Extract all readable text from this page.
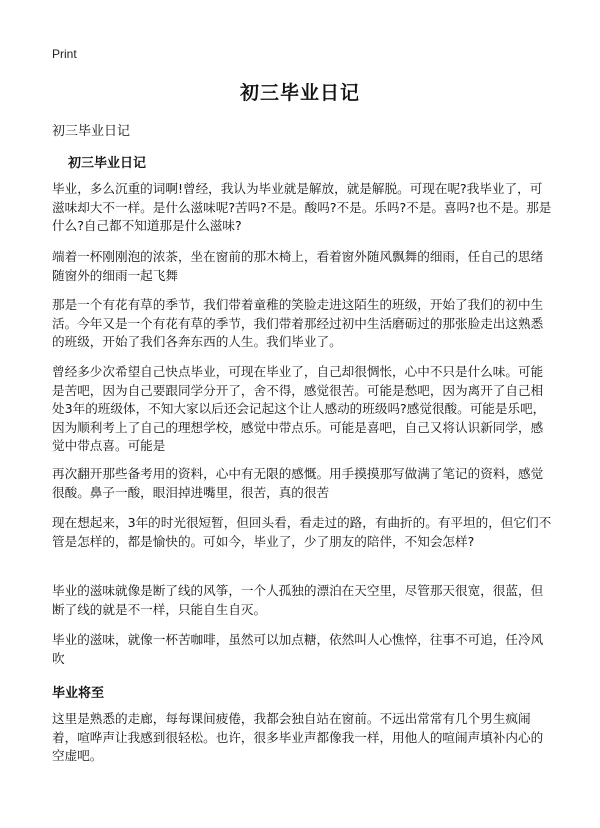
Print
初三毕业日记
初三毕业日记
初三毕业日记
毕业，多么沉重的词啊!曾经，我认为毕业就是解放，就是解脱。可现在呢?我毕业了，可滋味却大不一样。是什么滋味呢?苦吗?不是。酸吗?不是。乐吗?不是。喜吗?也不是。那是什么?自己都不知道那是什么滋味?
端着一杯刚刚泡的浓茶，坐在窗前的那木椅上，看着窗外随风飘舞的细雨，任自己的思绪随窗外的细雨一起飞舞
那是一个有花有草的季节，我们带着童稚的笑脸走进这陌生的班级，开始了我们的初中生活。今年又是一个有花有草的季节，我们带着那经过初中生活磨砺过的那张脸走出这熟悉的班级，开始了我们各奔东西的人生。我们毕业了。
曾经多少次希望自己快点毕业，可现在毕业了，自己却很惆怅，心中不只是什么味。可能是苦吧，因为自己要跟同学分开了，舍不得，感觉很苦。可能是愁吧，因为离开了自己相处3年的班级体，不知大家以后还会记起这个让人感动的班级吗?感觉很酸。可能是乐吧，因为顺利考上了自己的理想学校，感觉中带点乐。可能是喜吧，自己又将认识新同学，感觉中带点喜。可能是
再次翻开那些备考用的资料，心中有无限的感慨。用手摸摸那写做满了笔记的资料，感觉很酸。鼻子一酸，眼泪掉进嘴里，很苦，真的很苦
现在想起来，3年的时光很短暂，但回头看，看走过的路，有曲折的。有平坦的，但它们不管是怎样的，都是愉快的。可如今，毕业了，少了朋友的陪伴，不知会怎样?
毕业的滋味就像是断了线的风筝，一个人孤独的漂泊在天空里，尽管那天很宽，很蓝，但断了线的就是不一样，只能自生自灭。
毕业的滋味，就像一杯苦咖啡，虽然可以加点糖，依然叫人心憔悴，往事不可追，任冷风吹
毕业将至
这里是熟悉的走廊，每每课间疲倦，我都会独自站在窗前。不远出常常有几个男生疯闹着，喧哗声让我感到很轻松。也许，很多毕业声都像我一样，用他人的喧闹声填补内心的空虚吧。
